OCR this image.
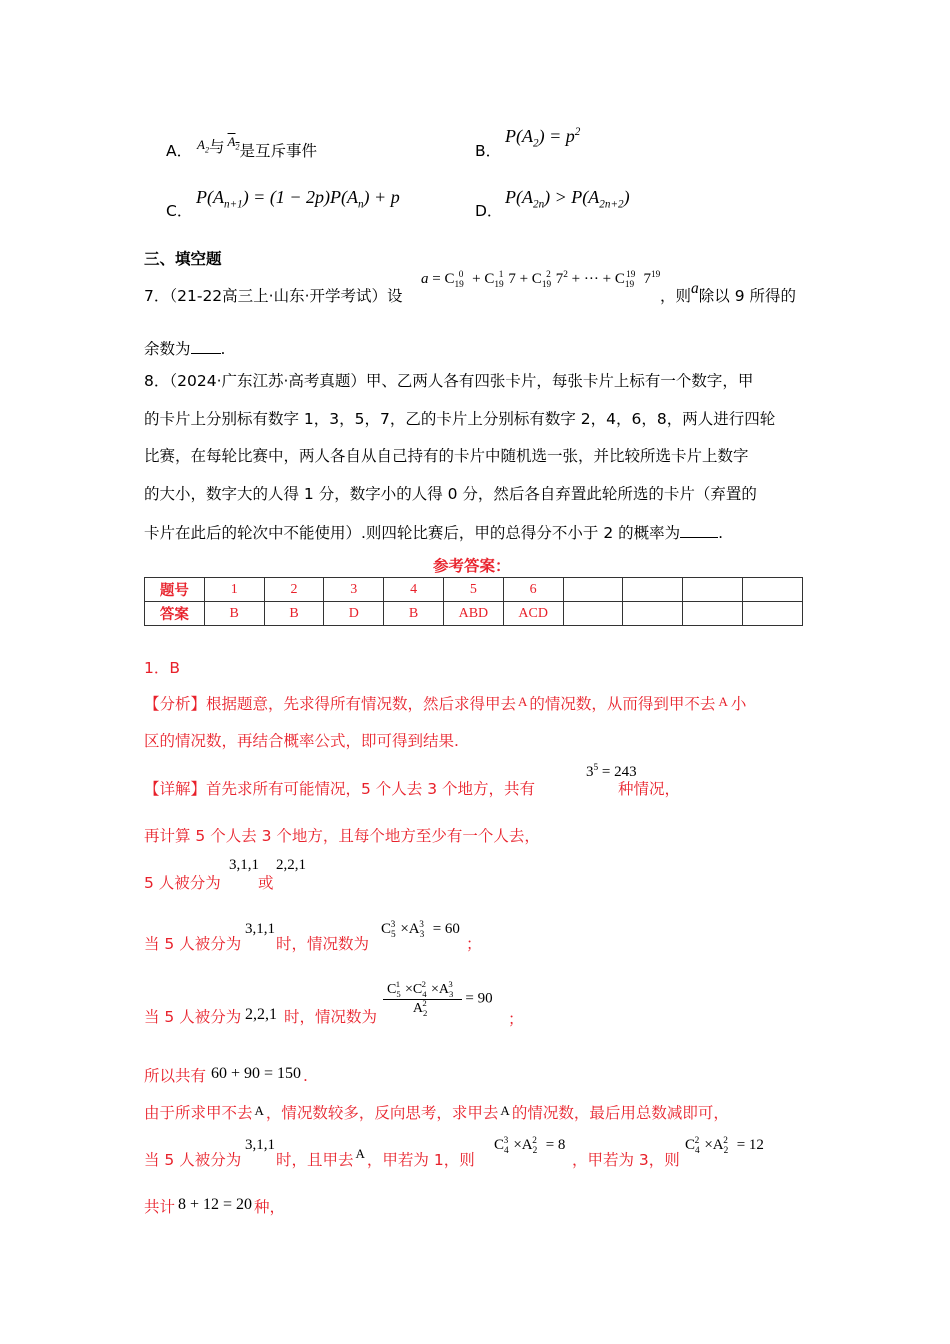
A． $^{A_2}$与 $^{A_2}$是互斥事件	B．
$P(A_2) = p^2$
C．
$P(A_{n+1}) = (1 - 2p)P(A_n) + p$
D．
$P(A_{2n}) > P(A_{2n+2})$
三、填空题
7．（21-22高三上·山东·开学考试）设
$a = C_{19}^0 + C_{19}^1$ $7 + C_{19}^2$ $7^2$ + ··· + $C_{19}^{19}$ $7^{19}$
，则a除以 9 所得的
余数为 .
8．（2024·广东江苏·高考真题）甲、乙两人各有四张卡片，每张卡片上标有一个数字，甲
的卡片上分别标有数字 1，3，5，7，乙的卡片上分别标有数字 2，4，6，8，两人进行四轮
比赛，在每轮比赛中，两人各自从自己持有的卡片中随机选一张，并比较所选卡片上数字
的大小，数字大的人得 1 分，数字小的人得 0 分，然后各自弃置此轮所选的卡片（弃置的
卡片在此后的轮次中不能使用）.则四轮比赛后，甲的总得分不小于 2 的概率为 .
参考答案：
题号	1	2	3	4	5	6				
答案	B	B	D	B	ABD	ACD				
1．B
【分析】根据题意，先求得所有情况数，然后求得甲去 A 的情况数，从而得到甲不去 A 小
区的情况数，再结合概率公式，即可得到结果.
【详解】首先求所有可能情况，5 个人去 3 个地方，共有
$3^5 = 243$
种情况，
再计算 5 个人去 3 个地方，且每个地方至少有一个人去，
5 人被分为
3,1,1
或
2,2,1
当 5 人被分为
3,1,1
时，情况数为
$C_5^3 \times A_3^3 = 60$
；
当 5 人被分为 2,2,1 时，情况数为 $\frac{C_5^1 \times C_4^2 \times A_3^3}{A_2^2} = 90$
；
所以共有 60 + 90 = 150 .
由于所求甲不去 A ，情况数较多，反向思考，求甲去 A 的情况数，最后用总数减即可，
当 5 人被分为
3,1,1
时，且甲去 $^A$ ，甲若为 1，则
$C_4^3 \times A_2^2 = 8$
，甲若为 3，则
$C_4^2 \times A_2^2 = 12$
共计 8 + 12 = 20 种，
